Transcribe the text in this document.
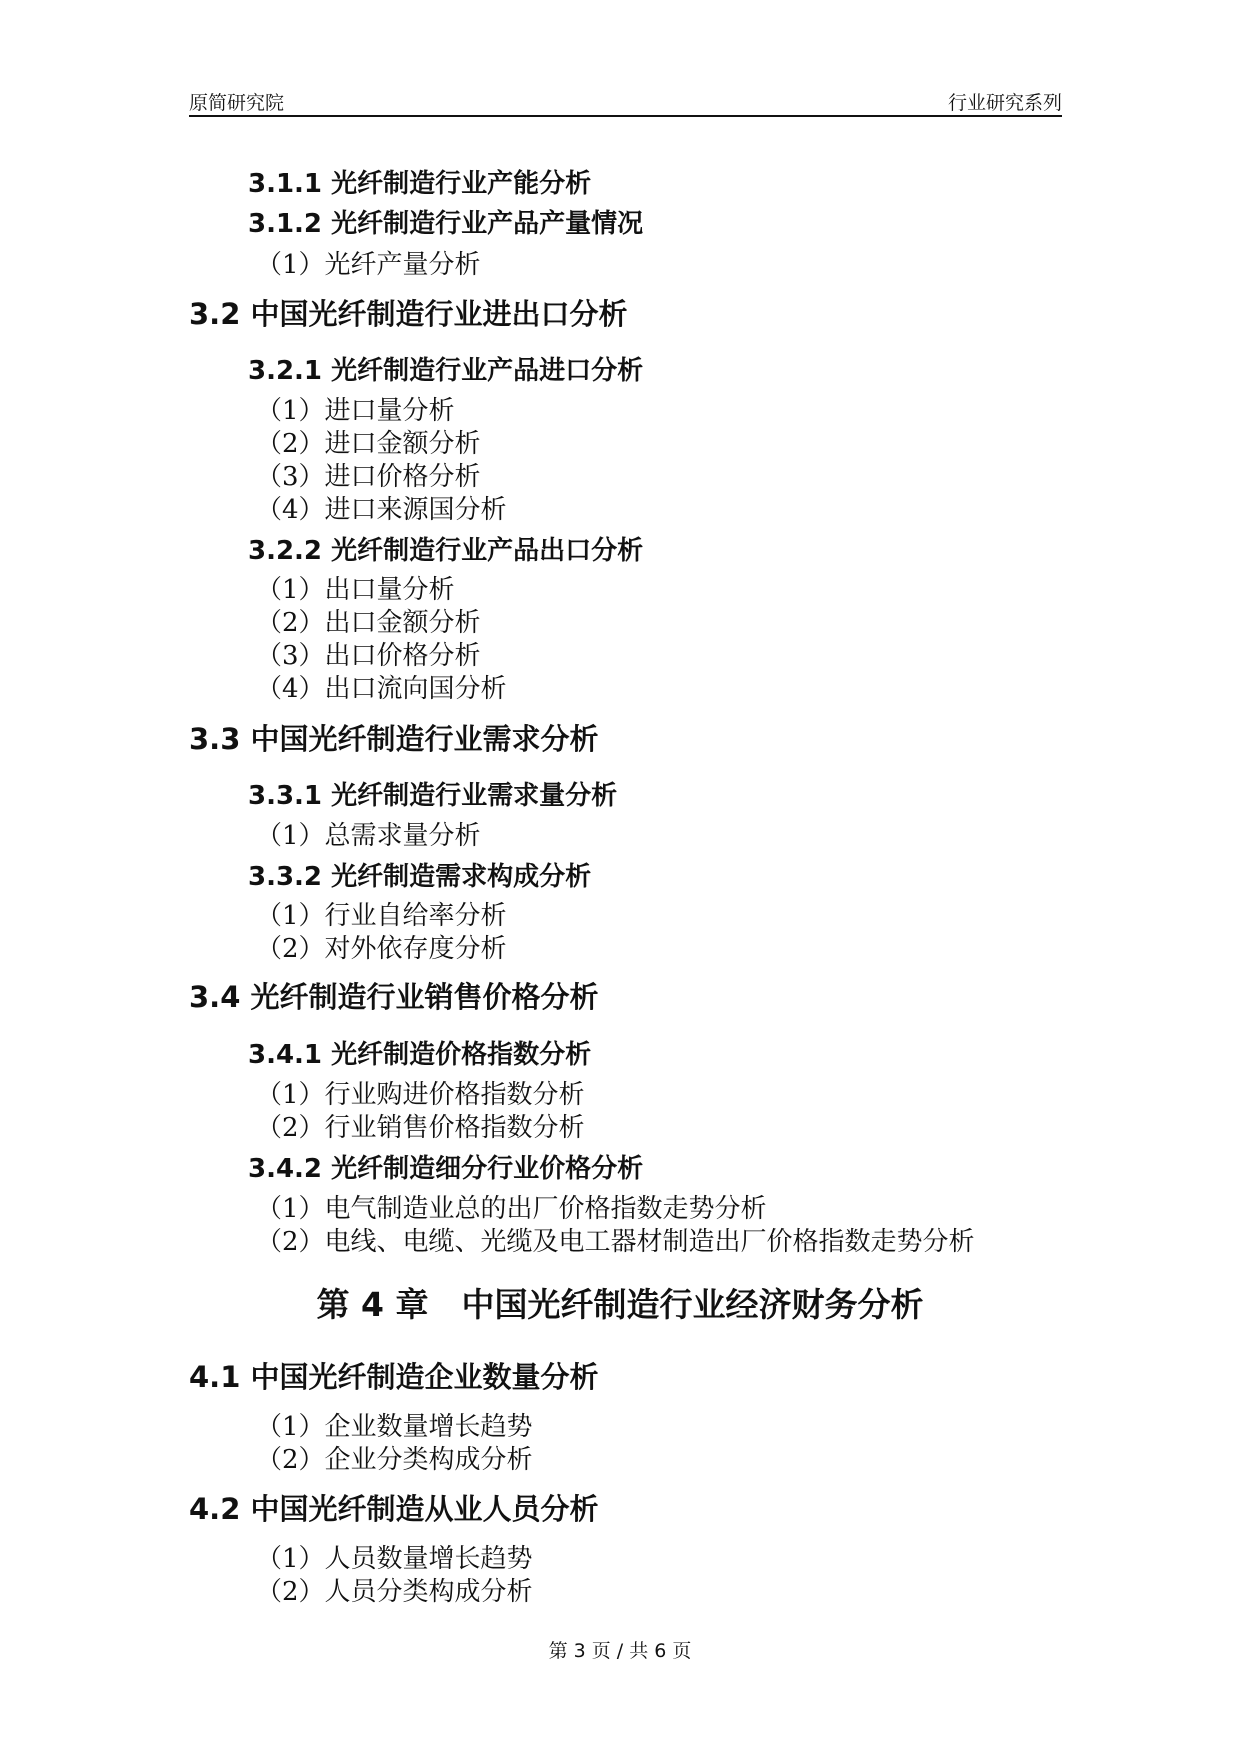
原简研究院	行业研究系列
3.1.1 光纤制造行业产能分析
3.1.2 光纤制造行业产品产量情况
（1）光纤产量分析
3.2 中国光纤制造行业进出口分析
3.2.1 光纤制造行业产品进口分析
（1）进口量分析
（2）进口金额分析
（3）进口价格分析
（4）进口来源国分析
3.2.2 光纤制造行业产品出口分析
（1）出口量分析
（2）出口金额分析
（3）出口价格分析
（4）出口流向国分析
3.3 中国光纤制造行业需求分析
3.3.1 光纤制造行业需求量分析
（1）总需求量分析
3.3.2 光纤制造需求构成分析
（1）行业自给率分析
（2）对外依存度分析
3.4 光纤制造行业销售价格分析
3.4.1 光纤制造价格指数分析
（1）行业购进价格指数分析
（2）行业销售价格指数分析
3.4.2 光纤制造细分行业价格分析
（1）电气制造业总的出厂价格指数走势分析
（2）电线、电缆、光缆及电工器材制造出厂价格指数走势分析
第 4 章　中国光纤制造行业经济财务分析
4.1 中国光纤制造企业数量分析
（1）企业数量增长趋势
（2）企业分类构成分析
4.2 中国光纤制造从业人员分析
（1）人员数量增长趋势
（2）人员分类构成分析
第 3 页 / 共 6 页
